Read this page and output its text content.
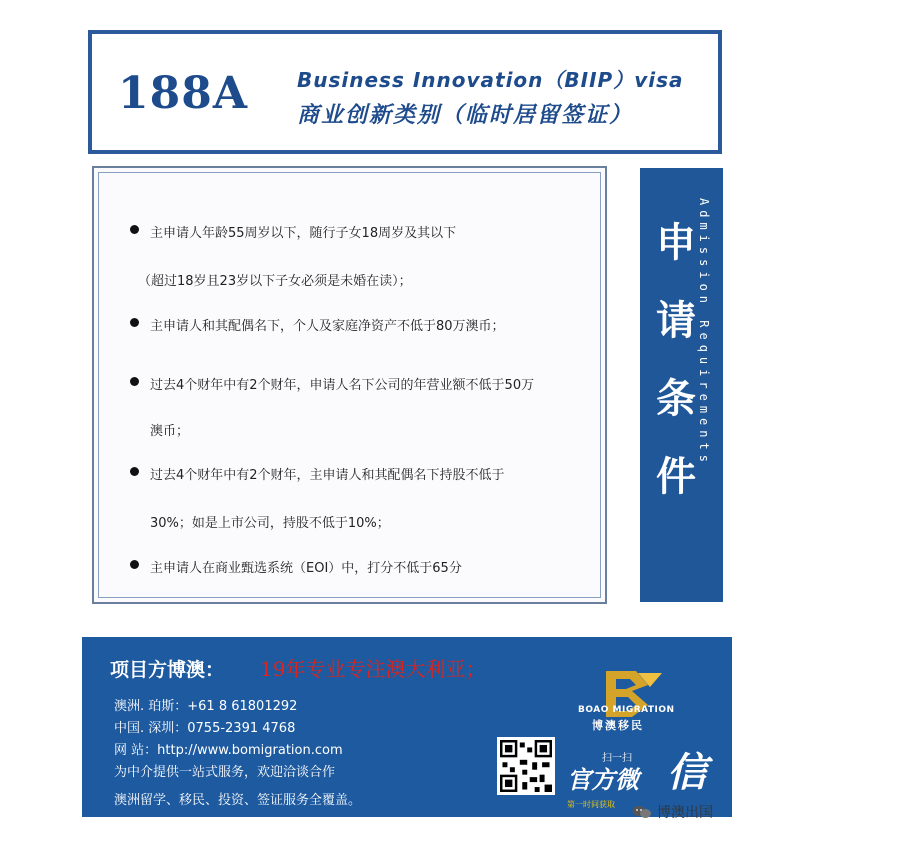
188A Business Innovation（BIIP）visa
商业创新类别（临时居留签证）
主申请人年龄55周岁以下，随行子女18周岁及其以下
（超过18岁且23岁以下子女必须是未婚在读）；
主申请人和其配偶名下，个人及家庭净资产不低于80万澳币；
过去4个财年中有2个财年，申请人名下公司的年营业额不低于50万
澳币；
过去4个财年中有2个财年，主申请人和其配偶名下持股不低于
30%；如是上市公司，持股不低于10%；
主申请人在商业甄选系统（EOI）中，打分不低于65分
申
请
条
件
Admission Requirements
项目方博澳： 19年专业专注澳大利亚；
澳洲. 珀斯：+61 8 61801292
中国. 深圳：0755-2391 4768
网 站：http://www.bomigration.com
为中介提供一站式服务，欢迎洽谈合作
澳洲留学、移民、投资、签证服务全覆盖。
BOAO MIGRATION
博澳移民
扫一扫
官方微 信
第一时间获取
博澳出国
